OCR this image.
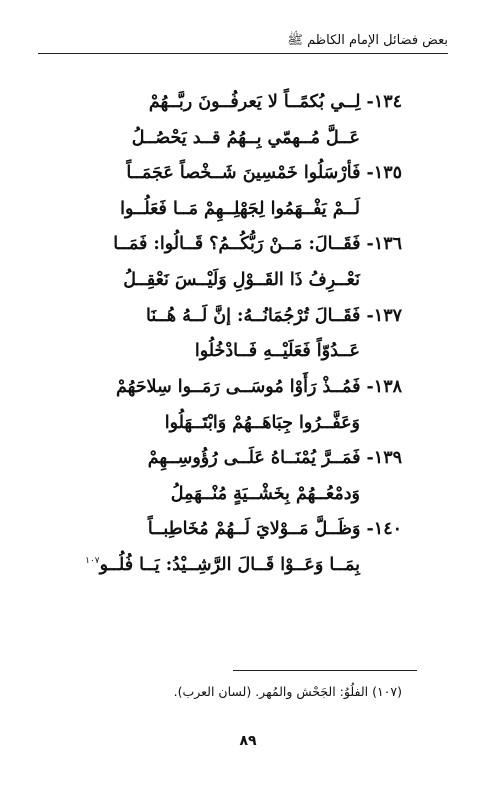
بعض فضائل الإمام الكاظم ﷺ
١٣٤- لِــي بُكمًــاً لا يَعرفُــونَ ربَّــهُمْ
عَــلَّ مُــهمّي بِــهُمُ قــد يَحْصُــلُ
١٣٥- فَأرْسَلُوا خَمْسِينَ شَــخْصاً عَجَمَــاً
لَــمْ يَفْــهَمُوا لِجَهْلِــهِمْ مَــا فَعَلُــوا
١٣٦- فَقَــالَ: مَــنْ رَبُّكُــمُ؟ قَــالُوا: فَمَــا
نَعْــرِفُ ذَا القَــوْلِ وَلَيْــسَ نَعْقِــلُ
١٣٧- فَقَــالَ تُرْجُمَانُــهُ: إنَّ لَــهُ هُــنَا
عَــدُوّاً فَعَلَيْــهِ فَــادْخُلُوا
١٣٨- فَمُــذْ رَأَوْا مُوسَــى رَمَــوا سِلاحَهُمْ
وَعَفَّــرُوا جِبَاهَــهُمْ وَابْتَــهَلُوا
١٣٩- فَمَــرَّ يُمْنَــاهُ عَلَــى رُؤُوسِــهِمْ
وَدمْعُــهُمْ بِخَشْــيَةٍ مُنْــهَمِلُ
١٤٠- وَظَــلَّ مَــوْلايَ لَــهُمْ مُخَاطِبــاً
بِمَــا وَعَــوْا قَــالَ الرَّشِــيْدُ: يَــا فُلُــو$^{١٠٧}$
(١٠٧) الفلُوُ: الجَحْش والمُهر. (لسان العرب).
٨٩
